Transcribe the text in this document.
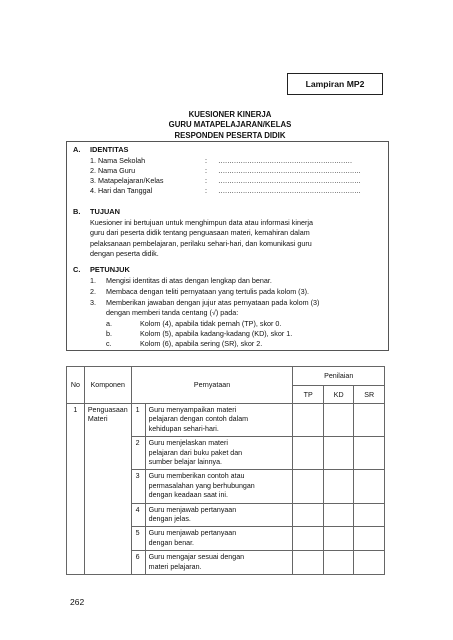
Lampiran MP2
KUESIONER KINERJA
GURU MATAPELAJARAN/KELAS
RESPONDEN PESERTA DIDIK
A. IDENTITAS
1. Nama Sekolah	: ……………………………………………………
2. Nama Guru	: ……………………………………………………….
3. Matapelajaran/Kelas	: ……………………………………………………….
4. Hari dan Tanggal	: ……………………………………………………….
B. TUJUAN
Kuesioner ini bertujuan untuk menghimpun data atau informasi kinerja
guru dari peserta didik tentang penguasaan materi, kemahiran dalam
pelaksanaan pembelajaran, perilaku sehari-hari, dan komunikasi guru
dengan peserta didik.
C. PETUNJUK
1. Mengisi identitas di atas dengan lengkap dan benar.
2. Membaca dengan teliti pernyataan yang tertulis pada kolom (3).
3. Memberikan jawaban dengan jujur atas pernyataan pada kolom (3)
dengan memberi tanda centang (√) pada:
a.	Kolom (4), apabila tidak pernah (TP), skor 0.
b.	Kolom (5), apabila kadang-kadang (KD), skor 1.
c.	Kolom (6), apabila sering (SR), skor 2.
No	Komponen	Pernyataan	Penilaian		
			TP	KD	SR
1	Penguasaan Materi	1 Guru menyampaikan materi
pelajaran dengan contoh dalam
kehidupan sehari-hari.			

		2 Guru menjelaskan materi
pelajaran dari buku paket dan
sumber belajar lainnya.			

		3 Guru memberikan contoh atau
permasalahan yang berhubungan
dengan keadaan saat ini.			

		4 Guru menjawab pertanyaan
dengan jelas.			

		5 Guru menjawab pertanyaan
dengan benar.			

		6 Guru mengajar sesuai dengan
materi pelajaran.			

262
